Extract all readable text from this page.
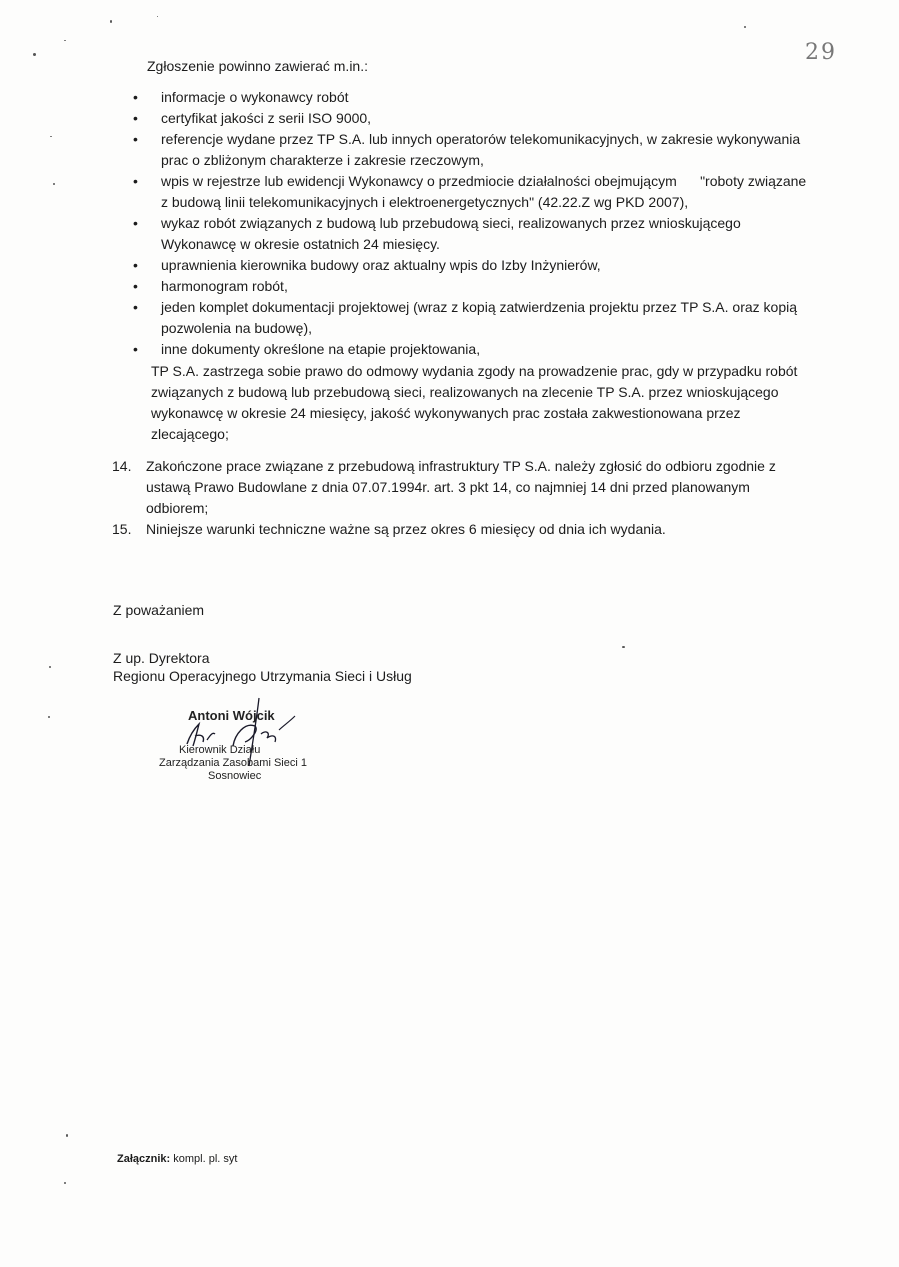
29
Zgłoszenie powinno zawierać m.in.:
• informacje o wykonawcy robót
• certyfikat jakości z serii ISO 9000,
• referencje wydane przez TP S.A. lub innych operatorów telekomunikacyjnych, w zakresie wykonywania prac o zbliżonym charakterze i zakresie rzeczowym,
• wpis w rejestrze lub ewidencji Wykonawcy o przedmiocie działalności obejmującym      "roboty związane z budową linii telekomunikacyjnych i elektroenergetycznych" (42.22.Z wg PKD 2007),
• wykaz robót związanych z budową lub przebudową sieci, realizowanych przez wnioskującego Wykonawcę w okresie ostatnich 24 miesięcy.
• uprawnienia kierownika budowy oraz aktualny wpis do Izby Inżynierów,
• harmonogram robót,
• jeden komplet dokumentacji projektowej (wraz z kopią zatwierdzenia projektu przez TP S.A. oraz kopią pozwolenia na budowę),
• inne dokumenty określone na etapie projektowania,
TP S.A. zastrzega sobie prawo do odmowy wydania zgody na prowadzenie prac, gdy w przypadku robót związanych z budową lub przebudową sieci, realizowanych na zlecenie TP S.A. przez wnioskującego wykonawcę w okresie 24 miesięcy, jakość wykonywanych prac została zakwestionowana przez zlecającego;
14. Zakończone prace związane z przebudową infrastruktury TP S.A. należy zgłosić do odbioru zgodnie z ustawą Prawo Budowlane z dnia 07.07.1994r. art. 3 pkt 14, co najmniej 14 dni przed planowanym odbiorem;
15. Niniejsze warunki techniczne ważne są przez okres 6 miesięcy od dnia ich wydania.
Z poważaniem
Z up. Dyrektora
Regionu Operacyjnego Utrzymania Sieci i Usług
Antoni Wójcik
Kierownik Działu
Zarządzania Zasobami Sieci 1
Sosnowiec
Załącznik: kompl. pl. syt
